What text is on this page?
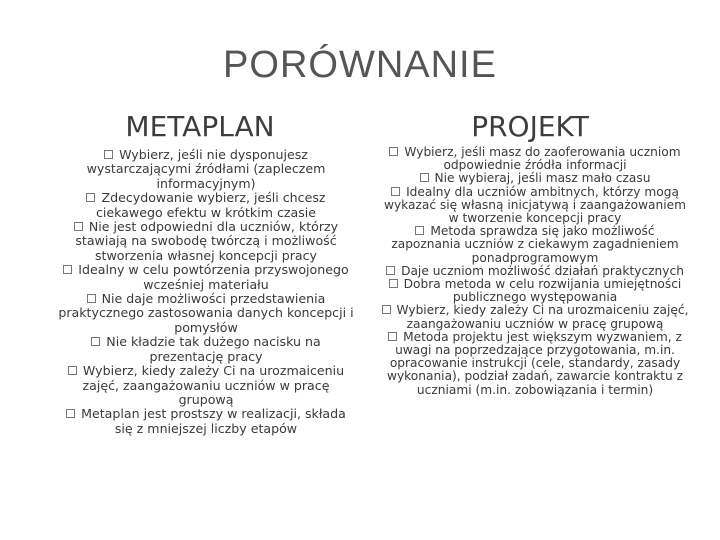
PORÓWNANIE
METAPLAN	PROJEKT

Wybierz, jeśli nie dysponujesz wystarczającymi źródłami (zapleczem informacyjnym)

Zdecydowanie wybierz, jeśli chcesz ciekawego efektu w krótkim czasie

Nie jest odpowiedni dla uczniów, którzy stawiają na swobodę twórczą i możliwość stworzenia własnej koncepcji pracy

Idealny w celu powtórzenia przyswojonego wcześniej materiału

Nie daje możliwości przedstawienia praktycznego zastosowania danych koncepcji i pomysłów

Nie kładzie tak dużego nacisku na prezentację pracy

Wybierz, kiedy zależy Ci na urozmaiceniu zajęć, zaangażowaniu uczniów w pracę grupową

Metaplan jest prostszy w realizacji, składa się z mniejszej liczby etapów

Wybierz, jeśli masz do zaoferowania uczniom odpowiednie źródła informacji

Nie wybieraj, jeśli masz mało czasu

Idealny dla uczniów ambitnych, którzy mogą wykazać się własną inicjatywą i zaangażowaniem w tworzenie koncepcji pracy

Metoda sprawdza się jako możliwość zapoznania uczniów z ciekawym zagadnieniem ponadprogramowym

Daje uczniom możliwość działań praktycznych

Dobra metoda w celu rozwijania umiejętności publicznego występowania

Wybierz, kiedy zależy Ci na urozmaiceniu zajęć, zaangażowaniu uczniów w pracę grupową

Metoda projektu jest większym wyzwaniem, z uwagi na poprzedzające przygotowania, m.in. opracowanie instrukcji (cele, standardy, zasady wykonania), podział zadań, zawarcie kontraktu z uczniami (m.in. zobowiązania i termin)
